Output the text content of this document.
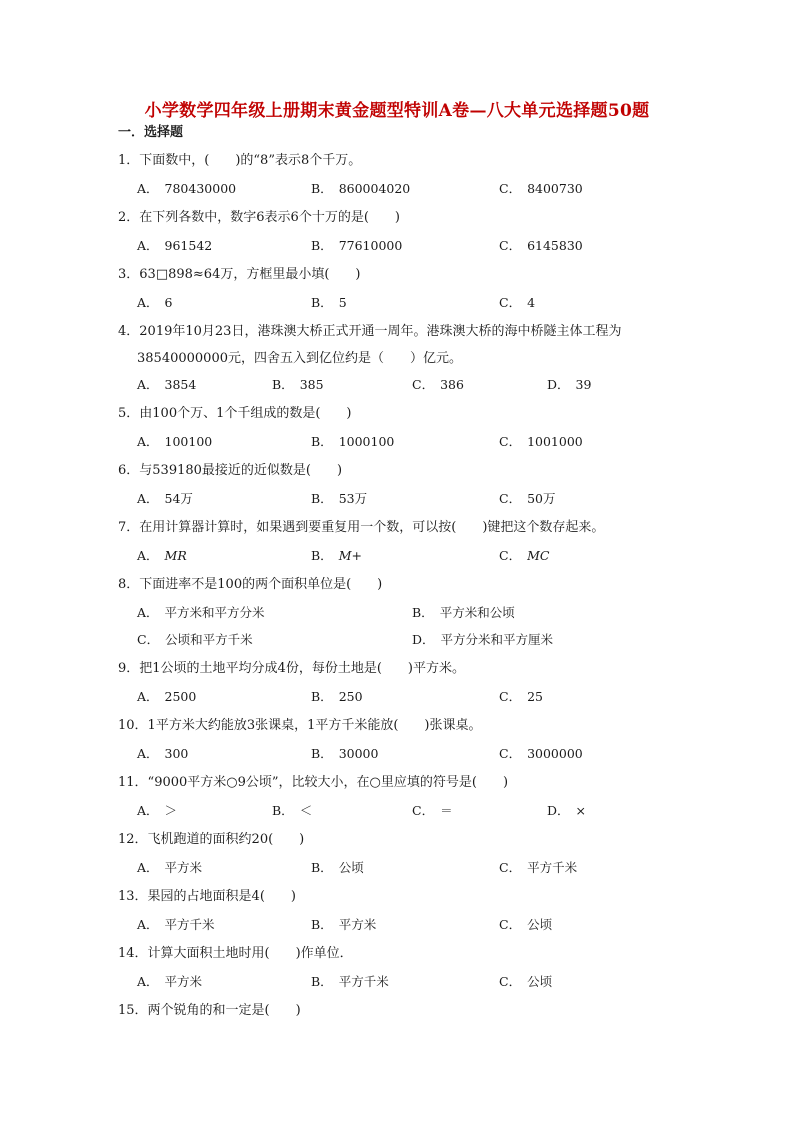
小学数学四年级上册期末黄金题型特训A卷—八大单元选择题50题
一．选择题
1．下面数中，(　　)的“8”表示8个千万。
A． 780430000	B． 860004020	C． 8400730
2．在下列各数中，数字6表示6个十万的是(　　)
A． 961542	B． 77610000	C． 6145830
3．63□898≈64万，方框里最小填(　　)
A． 6	B． 5	C． 4
4．2019年10月23日，港珠澳大桥正式开通一周年。港珠澳大桥的海中桥隧主体工程为
38540000000元，四舍五入到亿位约是（　　）亿元。
A． 3854	B． 385	C． 386	D． 39
5．由100个万、1个千组成的数是(　　)
A． 100100	B． 1000100	C． 1001000
6．与539180最接近的近似数是(　　)
A． 54万	B． 53万	C． 50万
7．在用计算器计算时，如果遇到要重复用一个数，可以按(　　)键把这个数存起来。
A． MR	B． M+	C． MC
8．下面进率不是100的两个面积单位是(　　)
A． 平方米和平方分米	B． 平方米和公顷
C． 公顷和平方千米	D． 平方分米和平方厘米
9．把1公顷的土地平均分成4份，每份土地是(　　)平方米。
A． 2500	B． 250	C． 25
10．1平方米大约能放3张课桌，1平方千米能放(　　)张课桌。
A． 300	B． 30000	C． 3000000
11．“9000平方米○9公顷”，比较大小，在○里应填的符号是(　　)
A． ＞	B． ＜	C． ＝	D． ×
12．飞机跑道的面积约20(　　)
A． 平方米	B． 公顷	C． 平方千米
13．果园的占地面积是4(　　)
A． 平方千米	B． 平方米	C． 公顷
14．计算大面积土地时用(　　)作单位．
A． 平方米	B． 平方千米	C． 公顷
15．两个锐角的和一定是(　　)
